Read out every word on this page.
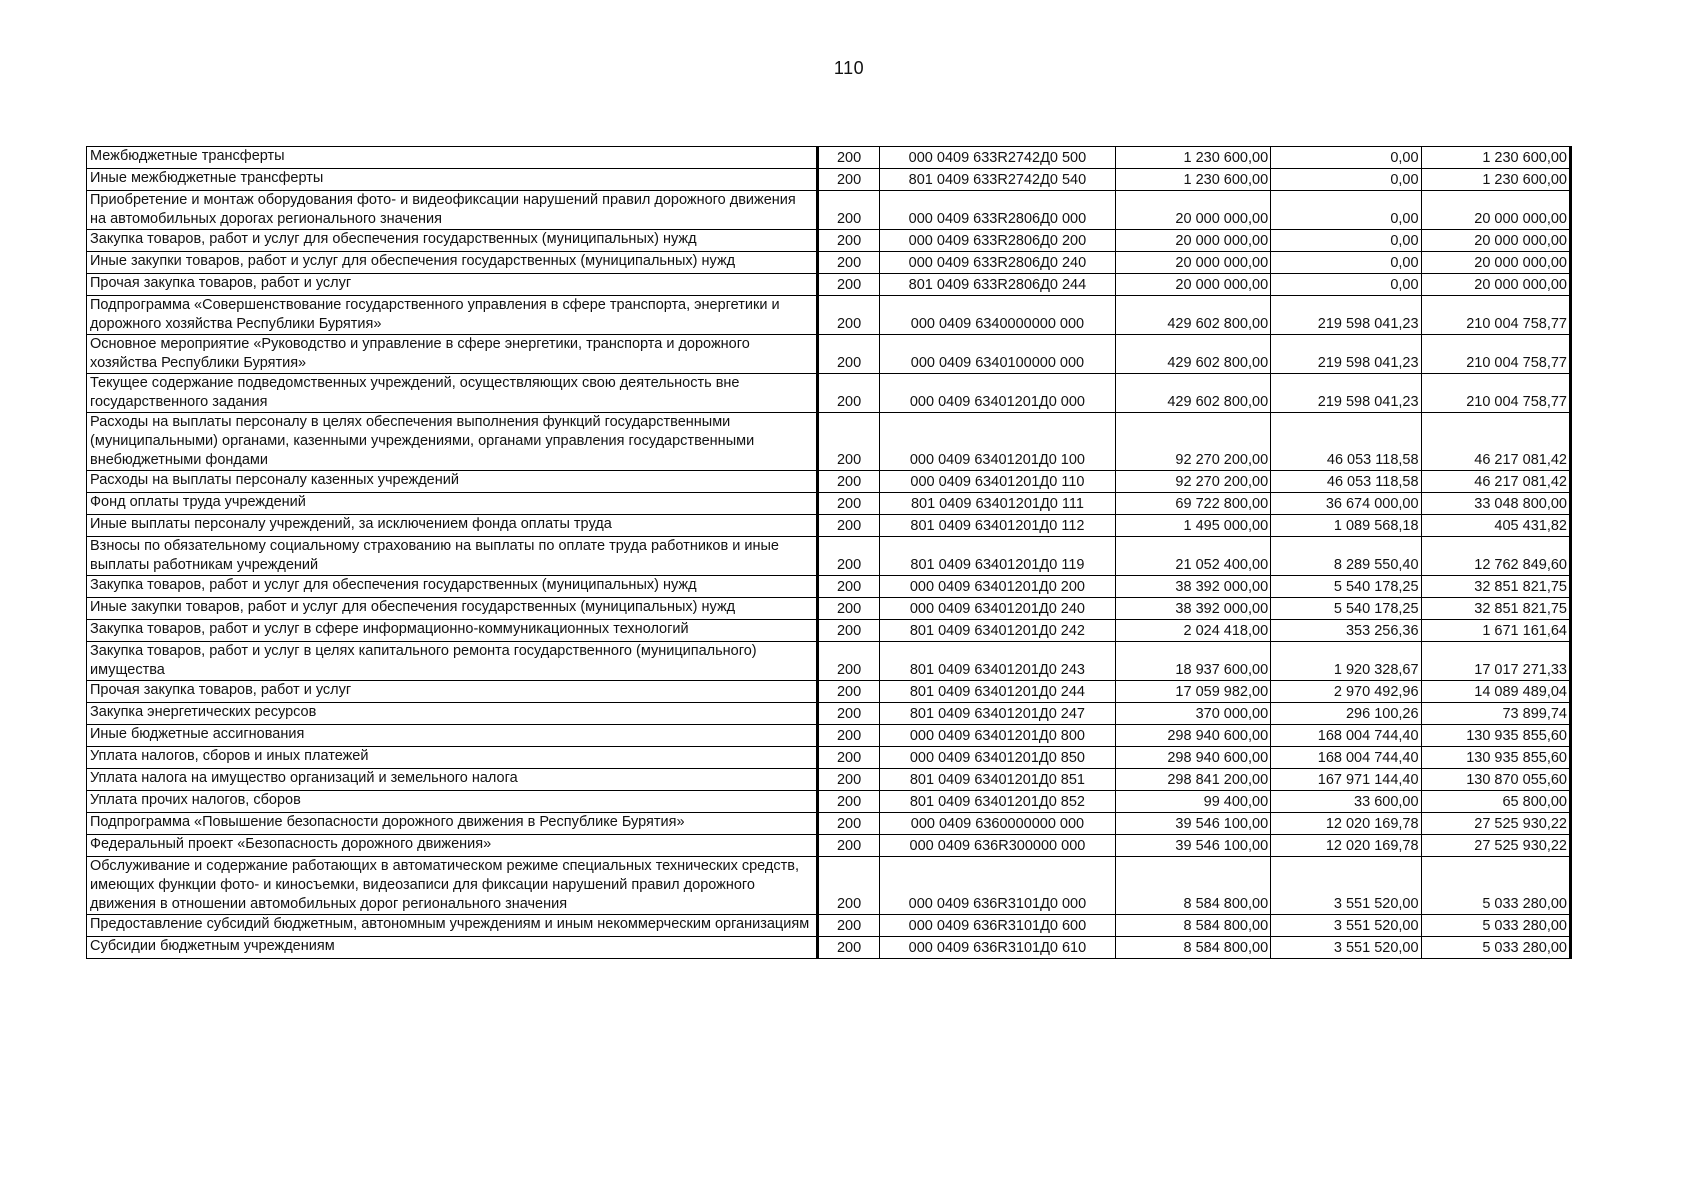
110
Межбюджетные трансферты	200	000 0409 633R2742Д0 500	1 230 600,00	0,00	1 230 600,00
Иные межбюджетные трансферты	200	801 0409 633R2742Д0 540	1 230 600,00	0,00	1 230 600,00
Приобретение и монтаж оборудования фото- и видеофиксации нарушений правил дорожного движения на автомобильных дорогах регионального значения	200	000 0409 633R2806Д0 000	20 000 000,00	0,00	20 000 000,00
Закупка товаров, работ и услуг для обеспечения государственных (муниципальных) нужд	200	000 0409 633R2806Д0 200	20 000 000,00	0,00	20 000 000,00
Иные закупки товаров, работ и услуг для обеспечения государственных (муниципальных) нужд	200	000 0409 633R2806Д0 240	20 000 000,00	0,00	20 000 000,00
Прочая закупка товаров, работ и услуг	200	801 0409 633R2806Д0 244	20 000 000,00	0,00	20 000 000,00
Подпрограмма «Совершенствование государственного управления в сфере транспорта, энергетики и дорожного хозяйства Республики Бурятия»	200	000 0409 6340000000 000	429 602 800,00	219 598 041,23	210 004 758,77
Основное мероприятие «Руководство и управление в сфере энергетики, транспорта и дорожного хозяйства Республики Бурятия»	200	000 0409 6340100000 000	429 602 800,00	219 598 041,23	210 004 758,77
Текущее содержание подведомственных учреждений, осуществляющих свою деятельность вне государственного задания	200	000 0409 63401201Д0 000	429 602 800,00	219 598 041,23	210 004 758,77
Расходы на выплаты персоналу в целях обеспечения выполнения функций государственными (муниципальными) органами, казенными учреждениями, органами управления государственными внебюджетными фондами	200	000 0409 63401201Д0 100	92 270 200,00	46 053 118,58	46 217 081,42
Расходы на выплаты персоналу казенных учреждений	200	000 0409 63401201Д0 110	92 270 200,00	46 053 118,58	46 217 081,42
Фонд оплаты труда учреждений	200	801 0409 63401201Д0 111	69 722 800,00	36 674 000,00	33 048 800,00
Иные выплаты персоналу учреждений, за исключением фонда оплаты труда	200	801 0409 63401201Д0 112	1 495 000,00	1 089 568,18	405 431,82
Взносы по обязательному социальному страхованию на выплаты по оплате труда работников и иные выплаты работникам учреждений	200	801 0409 63401201Д0 119	21 052 400,00	8 289 550,40	12 762 849,60
Закупка товаров, работ и услуг для обеспечения государственных (муниципальных) нужд	200	000 0409 63401201Д0 200	38 392 000,00	5 540 178,25	32 851 821,75
Иные закупки товаров, работ и услуг для обеспечения государственных (муниципальных) нужд	200	000 0409 63401201Д0 240	38 392 000,00	5 540 178,25	32 851 821,75
Закупка товаров, работ и услуг в сфере информационно-коммуникационных технологий	200	801 0409 63401201Д0 242	2 024 418,00	353 256,36	1 671 161,64
Закупка товаров, работ и услуг в целях капитального ремонта государственного (муниципального) имущества	200	801 0409 63401201Д0 243	18 937 600,00	1 920 328,67	17 017 271,33
Прочая закупка товаров, работ и услуг	200	801 0409 63401201Д0 244	17 059 982,00	2 970 492,96	14 089 489,04
Закупка энергетических ресурсов	200	801 0409 63401201Д0 247	370 000,00	296 100,26	73 899,74
Иные бюджетные ассигнования	200	000 0409 63401201Д0 800	298 940 600,00	168 004 744,40	130 935 855,60
Уплата налогов, сборов и иных платежей	200	000 0409 63401201Д0 850	298 940 600,00	168 004 744,40	130 935 855,60
Уплата налога на имущество организаций и земельного налога	200	801 0409 63401201Д0 851	298 841 200,00	167 971 144,40	130 870 055,60
Уплата прочих налогов, сборов	200	801 0409 63401201Д0 852	99 400,00	33 600,00	65 800,00
Подпрограмма «Повышение безопасности дорожного движения в Республике Бурятия»	200	000 0409 6360000000 000	39 546 100,00	12 020 169,78	27 525 930,22
Федеральный проект «Безопасность дорожного движения»	200	000 0409 636R300000 000	39 546 100,00	12 020 169,78	27 525 930,22
Обслуживание и содержание работающих в автоматическом режиме специальных технических средств, имеющих функции фото- и киносъемки, видеозаписи для фиксации нарушений правил дорожного движения в отношении автомобильных дорог регионального значения	200	000 0409 636R3101Д0 000	8 584 800,00	3 551 520,00	5 033 280,00
Предоставление субсидий бюджетным, автономным учреждениям и иным некоммерческим организациям	200	000 0409 636R3101Д0 600	8 584 800,00	3 551 520,00	5 033 280,00
Субсидии бюджетным учреждениям	200	000 0409 636R3101Д0 610	8 584 800,00	3 551 520,00	5 033 280,00
